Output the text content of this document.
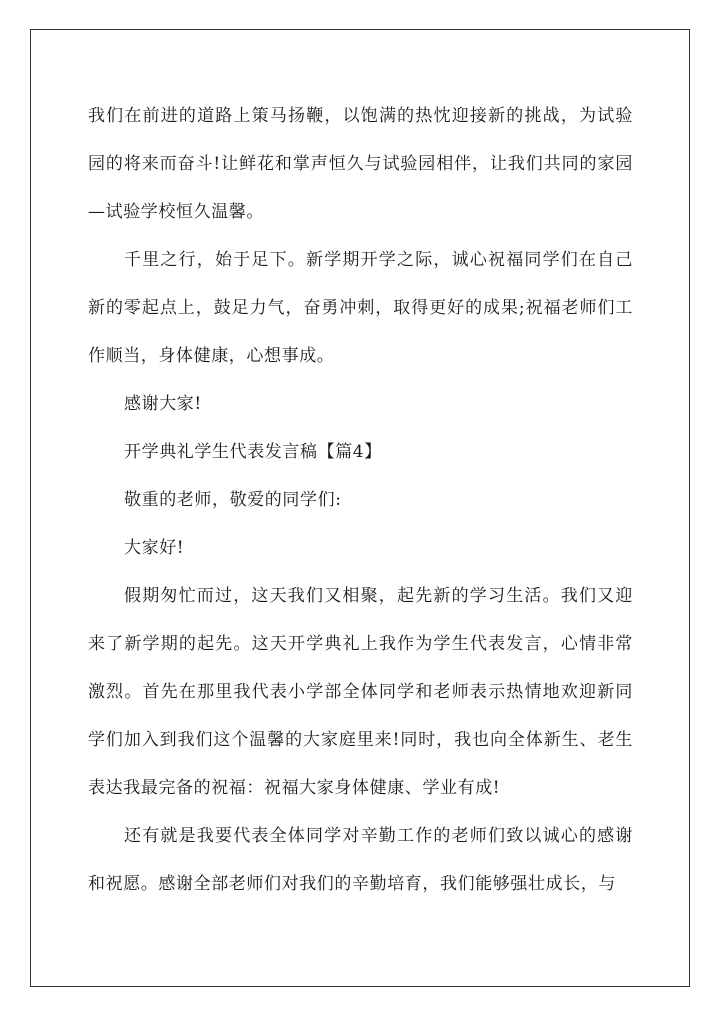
我们在前进的道路上策马扬鞭，以饱满的热忱迎接新的挑战，为试验园的将来而奋斗!让鲜花和掌声恒久与试验园相伴，让我们共同的家园—试验学校恒久温馨。

千里之行，始于足下。新学期开学之际，诚心祝福同学们在自己新的零起点上，鼓足力气，奋勇冲刺，取得更好的成果;祝福老师们工作顺当，身体健康，心想事成。

感谢大家!

开学典礼学生代表发言稿【篇4】

敬重的老师，敬爱的同学们:

大家好!

假期匆忙而过，这天我们又相聚，起先新的学习生活。我们又迎来了新学期的起先。这天开学典礼上我作为学生代表发言，心情非常激烈。首先在那里我代表小学部全体同学和老师表示热情地欢迎新同学们加入到我们这个温馨的大家庭里来!同时，我也向全体新生、老生表达我最完备的祝福：祝福大家身体健康、学业有成!

还有就是我要代表全体同学对辛勤工作的老师们致以诚心的感谢和祝愿。感谢全部老师们对我们的辛勤培育，我们能够强壮成长，与
